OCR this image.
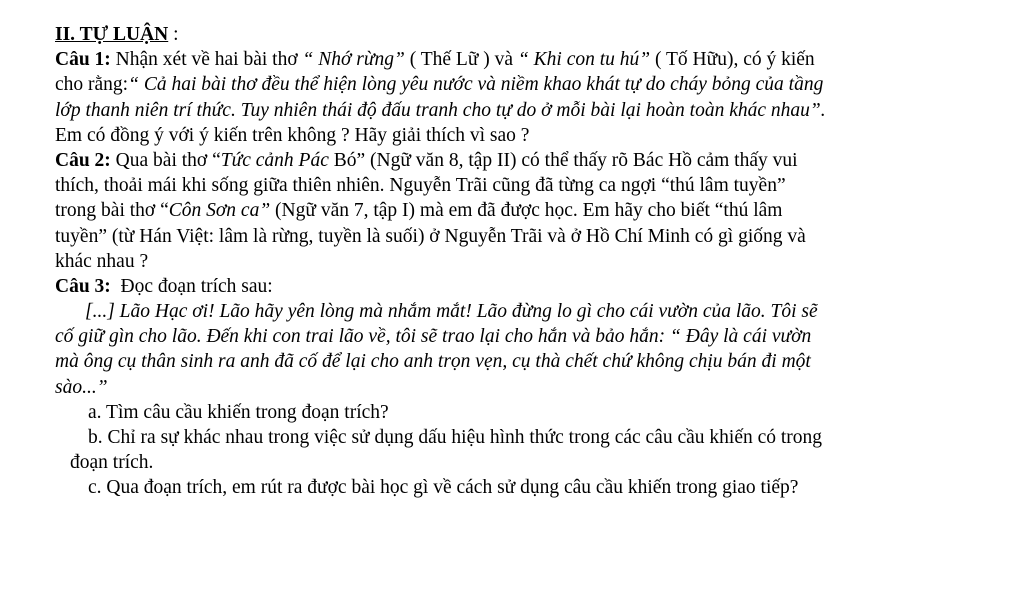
II. TỰ LUẬN :
Câu 1: Nhận xét về hai bài thơ “ Nhớ rừng” ( Thế Lữ ) và “ Khi con tu hú” ( Tố Hữu), có ý kiến
cho rằng:“ Cả hai bài thơ đều thể hiện lòng yêu nước và niềm khao khát tự do cháy bỏng của tầng
lớp thanh niên trí thức. Tuy nhiên thái độ đấu tranh cho tự do ở mỗi bài lại hoàn toàn khác nhau”.
Em có đồng ý với ý kiến trên không ? Hãy giải thích vì sao ?
Câu 2: Qua bài thơ “Tức cảnh Pác Bó” (Ngữ văn 8, tập II) có thể thấy rõ Bác Hồ cảm thấy vui
thích, thoải mái khi sống giữa thiên nhiên. Nguyễn Trãi cũng đã từng ca ngợi “thú lâm tuyền”
trong bài thơ “Côn Sơn ca” (Ngữ văn 7, tập I) mà em đã được học. Em hãy cho biết “thú lâm
tuyền” (từ Hán Việt: lâm là rừng, tuyền là suối) ở Nguyễn Trãi và ở Hồ Chí Minh có gì giống và
khác nhau ?
Câu 3:  Đọc đoạn trích sau:
[...] Lão Hạc ơi! Lão hãy yên lòng mà nhắm mắt! Lão đừng lo gì cho cái vườn của lão. Tôi sẽ
cố giữ gìn cho lão. Đến khi con trai lão về, tôi sẽ trao lại cho hắn và bảo hắn: “ Đây là cái vườn
mà ông cụ thân sinh ra anh đã cố để lại cho anh trọn vẹn, cụ thà chết chứ không chịu bán đi một
sào...”
a. Tìm câu cầu khiến trong đoạn trích?
b. Chỉ ra sự khác nhau trong việc sử dụng dấu hiệu hình thức trong các câu cầu khiến có trong
đoạn trích.
c. Qua đoạn trích, em rút ra được bài học gì về cách sử dụng câu cầu khiến trong giao tiếp?
